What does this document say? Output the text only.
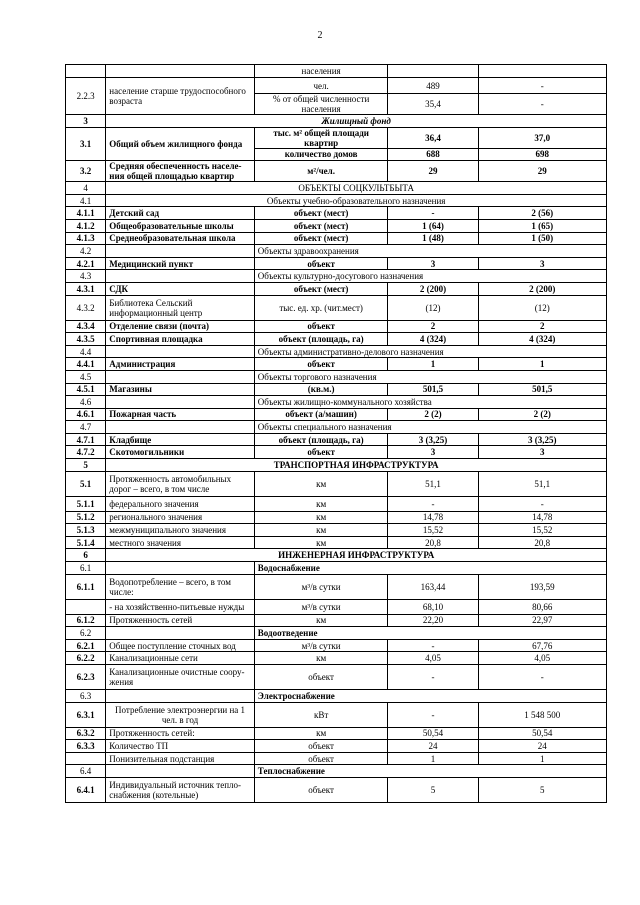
2
		населения		
2.2.3	население старше трудоспособного возраста	чел.	489	-
		% от общей численности населения	35,4	-
3	Жилищный фонд			
3.1	Общий объем жилищного фонда	тыс. м² общей площади квартир	36,4	37,0
		количество домов	688	698
3.2	Средняя обеспеченность населе-ния общей площадью квартир	м²/чел.	29	29
4	ОБЪЕКТЫ СОЦКУЛЬТБЫТА			
4.1	Объекты учебно-образовательного назначения			
4.1.1	Детский сад	объект (мест)	-	2 (56)
4.1.2	Общеобразовательные школы	объект (мест)	1 (64)	1 (65)
4.1.3	Среднеобразовательная школа	объект (мест)	1 (48)	1 (50)
4.2		Объекты здравоохранения		
4.2.1	Медицинский пункт	объект	3	3
4.3		Объекты культурно-досугового назначения		
4.3.1	СДК	объект (мест)	2 (200)	2 (200)
4.3.2	Библиотека Сельский информационный центр	тыс. ед. хр. (чит.мест)	(12)	(12)
4.3.4	Отделение связи (почта)	объект	2	2
4.3.5	Спортивная площадка	объект (площадь, га)	4 (324)	4 (324)
4.4		Объекты административно-делового назначения		
4.4.1	Администрация	объект	1	1
4.5		Объекты торгового назначения		
4.5.1	Магазины	(кв.м.)	501,5	501,5
4.6		Объекты жилищно-коммунального хозяйства		
4.6.1	Пожарная часть	объект (а/машин)	2 (2)	2 (2)
4.7		Объекты специального назначения		
4.7.1	Кладбище	объект (площадь, га)	3 (3,25)	3 (3,25)
4.7.2	Скотомогильники	объект	3	3
5	ТРАНСПОРТНАЯ ИНФРАСТРУКТУРА			
5.1	Протяженность автомобильных дорог – всего, в том числе	км	51,1	51,1
5.1.1	федерального значения	км	-	-
5.1.2	регионального значения	км	14,78	14,78
5.1.3	межмуниципального значения	км	15,52	15,52
5.1.4	местного значения	км	20,8	20,8
6	ИНЖЕНЕРНАЯ ИНФРАСТРУКТУРА			
6.1		Водоснабжение		
6.1.1	Водопотребление – всего, в том числе:	м³/в сутки	163,44	193,59
	- на хозяйственно-питьевые нужды	м³/в сутки	68,10	80,66
6.1.2	Протяженность сетей	км	22,20	22,97
6.2		Водоотведение		
6.2.1	Общее поступление сточных вод	м³/в сутки	-	67,76
6.2.2	Канализационные сети	км	4,05	4,05
6.2.3	Канализационные очистные соору-жения	объект	-	-
6.3		Электроснабжение		
6.3.1	Потребление электроэнергии на 1 чел. в год	кВт	-	1 548 500
6.3.2	Протяженность сетей:	км	50,54	50,54
6.3.3	Количество ТП	объект	24	24
	Понизительная подстанция	объект	1	1
6.4		Теплоснабжение		
6.4.1	Индивидуальный источник тепло-снабжения (котельные)	объект	5	5
